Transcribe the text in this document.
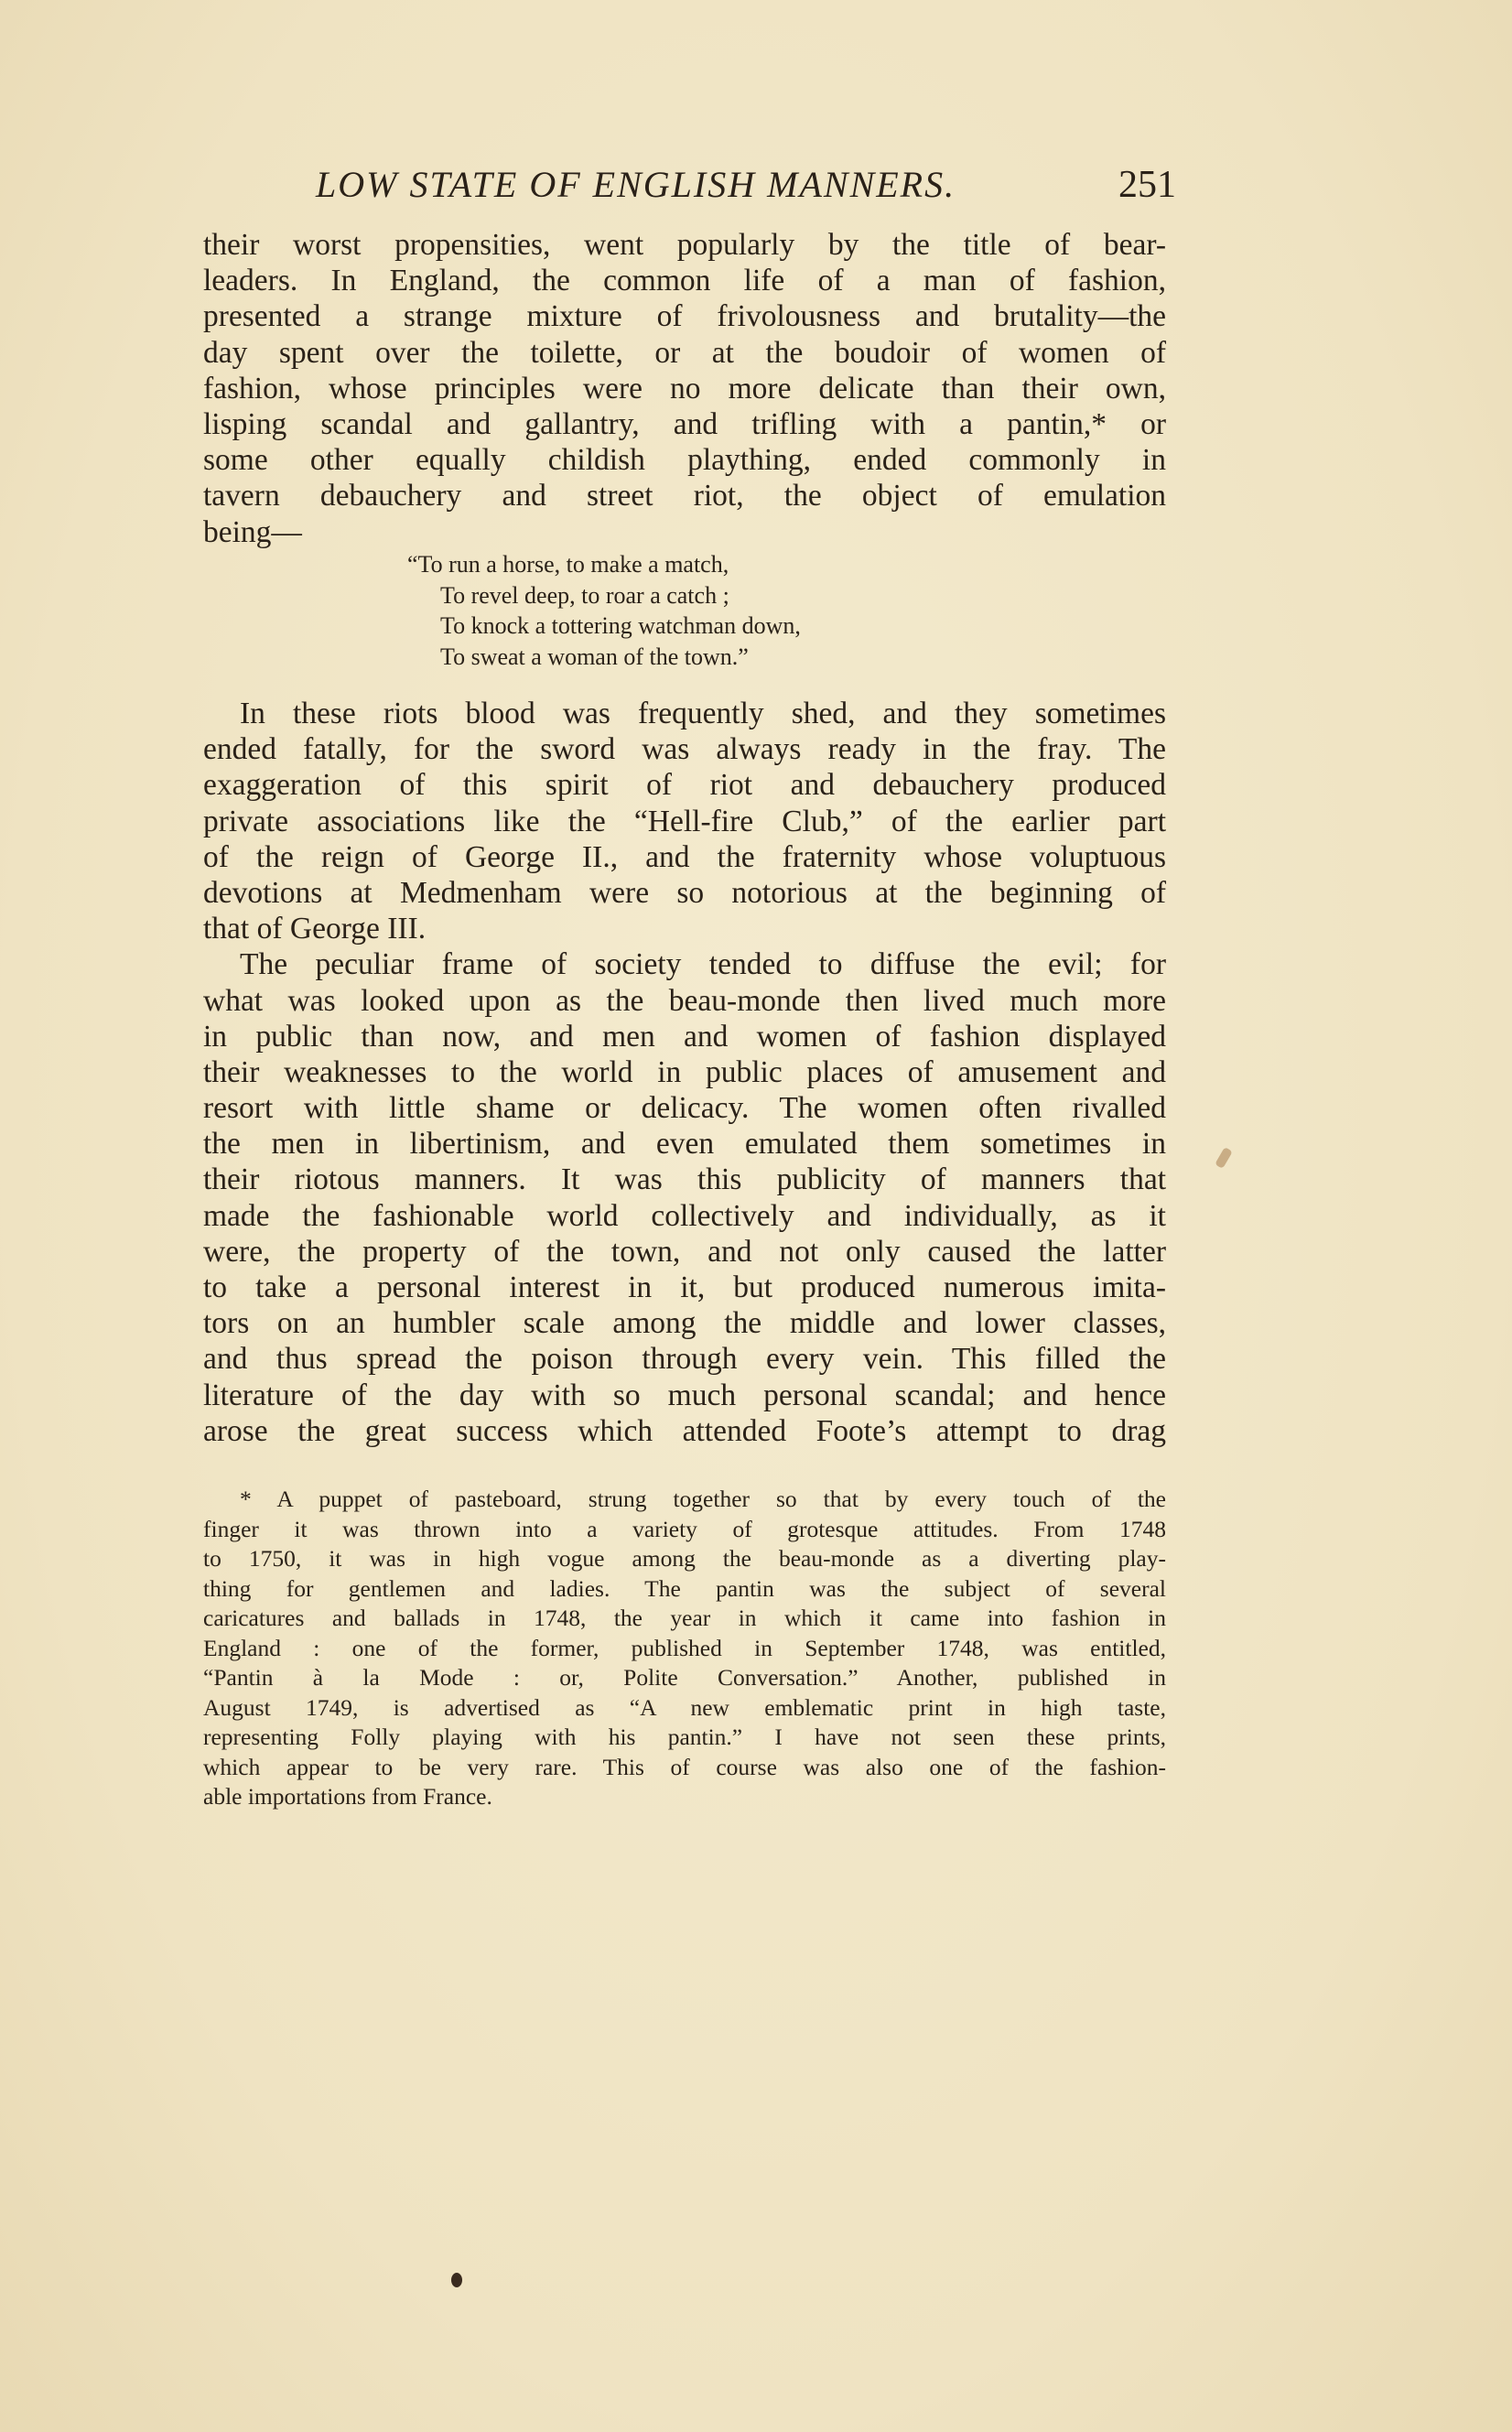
LOW STATE OF ENGLISH MANNERS.	251
their worst propensities, went popularly by the title of bear-
leaders. In England, the common life of a man of fashion,
presented a strange mixture of frivolousness and brutality—the
day spent over the toilette, or at the boudoir of women of
fashion, whose principles were no more delicate than their own,
lisping scandal and gallantry, and trifling with a pantin,* or
some other equally childish plaything, ended commonly in
tavern debauchery and street riot, the object of emulation
being—
“To run a horse, to make a match,
To revel deep, to roar a catch ;
To knock a tottering watchman down,
To sweat a woman of the town.”
In these riots blood was frequently shed, and they sometimes
ended fatally, for the sword was always ready in the fray. The
exaggeration of this spirit of riot and debauchery produced
private associations like the “Hell-fire Club,” of the earlier part
of the reign of George II., and the fraternity whose voluptuous
devotions at Medmenham were so notorious at the beginning of
that of George III.
The peculiar frame of society tended to diffuse the evil; for
what was looked upon as the beau-monde then lived much more
in public than now, and men and women of fashion displayed
their weaknesses to the world in public places of amusement and
resort with little shame or delicacy. The women often rivalled
the men in libertinism, and even emulated them sometimes in
their riotous manners. It was this publicity of manners that
made the fashionable world collectively and individually, as it
were, the property of the town, and not only caused the latter
to take a personal interest in it, but produced numerous imita-
tors on an humbler scale among the middle and lower classes,
and thus spread the poison through every vein. This filled the
literature of the day with so much personal scandal; and hence
arose the great success which attended Foote’s attempt to drag
* A puppet of pasteboard, strung together so that by every touch of the
finger it was thrown into a variety of grotesque attitudes. From 1748
to 1750, it was in high vogue among the beau-monde as a diverting play-
thing for gentlemen and ladies. The pantin was the subject of several
caricatures and ballads in 1748, the year in which it came into fashion in
England : one of the former, published in September 1748, was entitled,
“Pantin à la Mode : or, Polite Conversation.” Another, published in
August 1749, is advertised as “A new emblematic print in high taste,
representing Folly playing with his pantin.” I have not seen these prints,
which appear to be very rare. This of course was also one of the fashion-
able importations from France.
